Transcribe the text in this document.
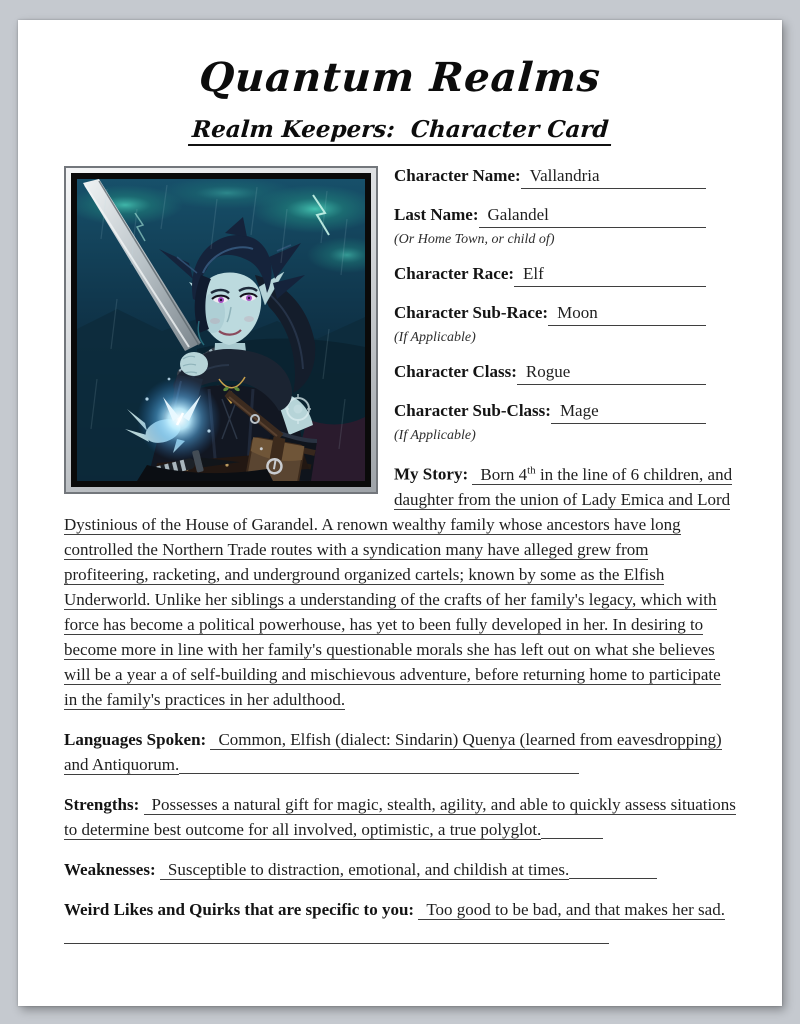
Quantum Realms
Realm Keepers:  Character Card
Character Name: Vallandria
Last Name: Galandel
(Or Home Town, or child of)
Character Race: Elf
Character Sub-Race: Moon
(If Applicable)
Character Class: Rogue
Character Sub-Class: Mage
(If Applicable)

My Story: Born 4th in the line of 6 children, and daughter from the union of Lady Emica and Lord Dystinious of the House of Garandel. A renown wealthy family whose ancestors have long controlled the Northern Trade routes with a syndication many have alleged grew from profiteering, racketing, and underground organized cartels; known by some as the Elfish Underworld. Unlike her siblings a understanding of the crafts of her family's legacy, which with force has become a political powerhouse, has yet to been fully developed in her. In desiring to become more in line with her family's questionable morals she has left out on what she believes will be a year a of self-building and mischievous adventure, before returning home to participate in the family's practices in her adulthood.

Languages Spoken: Common, Elfish (dialect: Sindarin) Quenya (learned from eavesdropping) and Antiquorum.

Strengths: Possesses a natural gift for magic, stealth, agility, and able to quickly assess situations to determine best outcome for all involved, optimistic, a true polyglot.

Weaknesses: Susceptible to distraction, emotional, and childish at times.

Weird Likes and Quirks that are specific to you: Too good to be bad, and that makes her sad.
